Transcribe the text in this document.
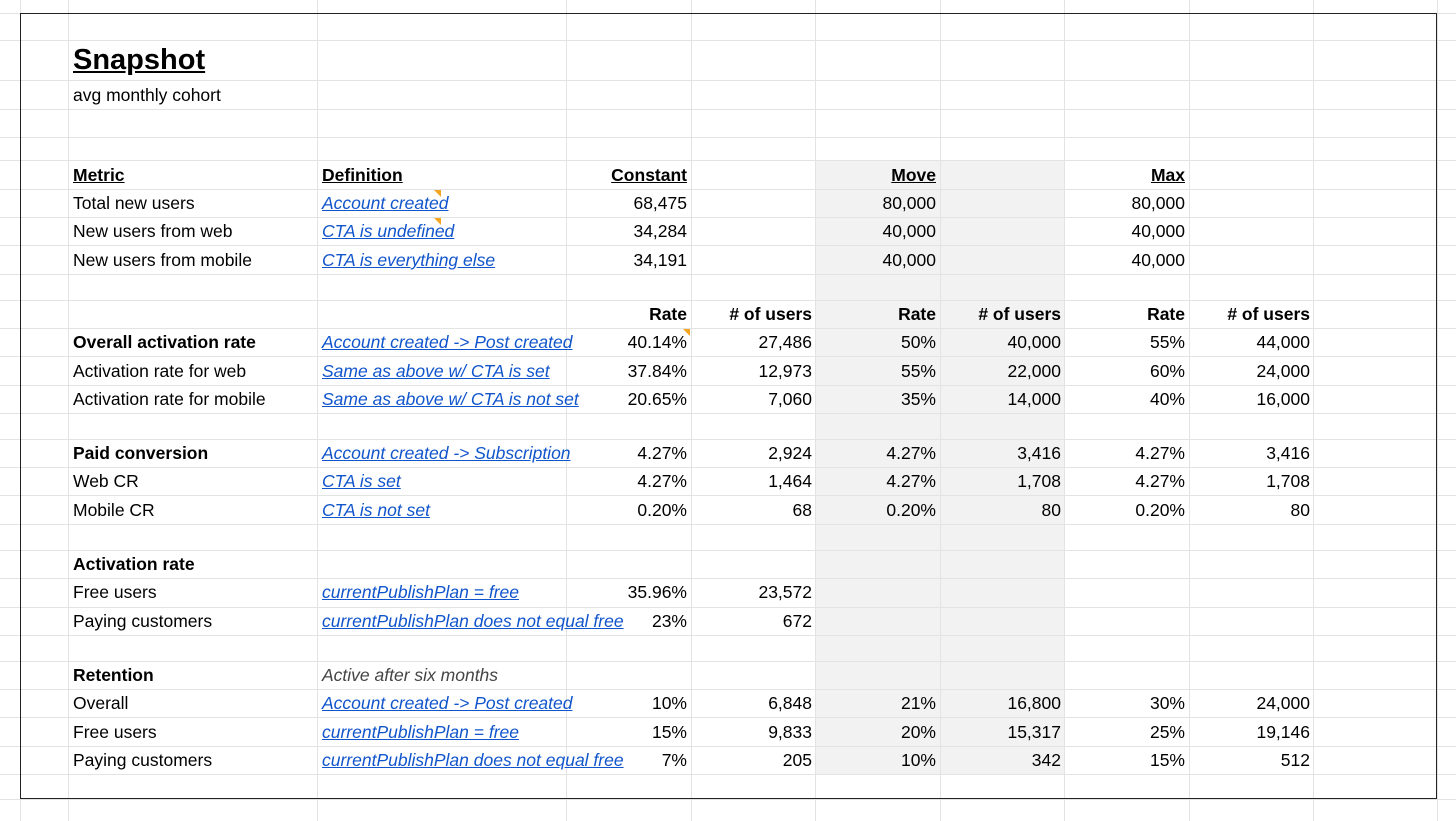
Snapshot
avg monthly cohort
Metric	Definition	Constant	Move	Max
Total new users	Account created	68,475	80,000	80,000
New users from web	CTA is undefined	34,284	40,000	40,000
New users from mobile	CTA is everything else	34,191	40,000	40,000
Rate	# of users	Rate	# of users	Rate	# of users
Overall activation rate	Account created -> Post created	40.14%	27,486	50%	40,000	55%	44,000
Activation rate for web	Same as above w/ CTA is set	37.84%	12,973	55%	22,000	60%	24,000
Activation rate for mobile	Same as above w/ CTA is not set	20.65%	7,060	35%	14,000	40%	16,000
Paid conversion	Account created -> Subscription	4.27%	2,924	4.27%	3,416	4.27%	3,416
Web CR	CTA is set	4.27%	1,464	4.27%	1,708	4.27%	1,708
Mobile CR	CTA is not set	0.20%	68	0.20%	80	0.20%	80
Activation rate
Free users	currentPublishPlan = free	35.96%	23,572
Paying customers	currentPublishPlan does not equal free	23%	672
Retention	Active after six months
Overall	Account created -> Post created	10%	6,848	21%	16,800	30%	24,000
Free users	currentPublishPlan = free	15%	9,833	20%	15,317	25%	19,146
Paying customers	currentPublishPlan does not equal free	7%	205	10%	342	15%	512
